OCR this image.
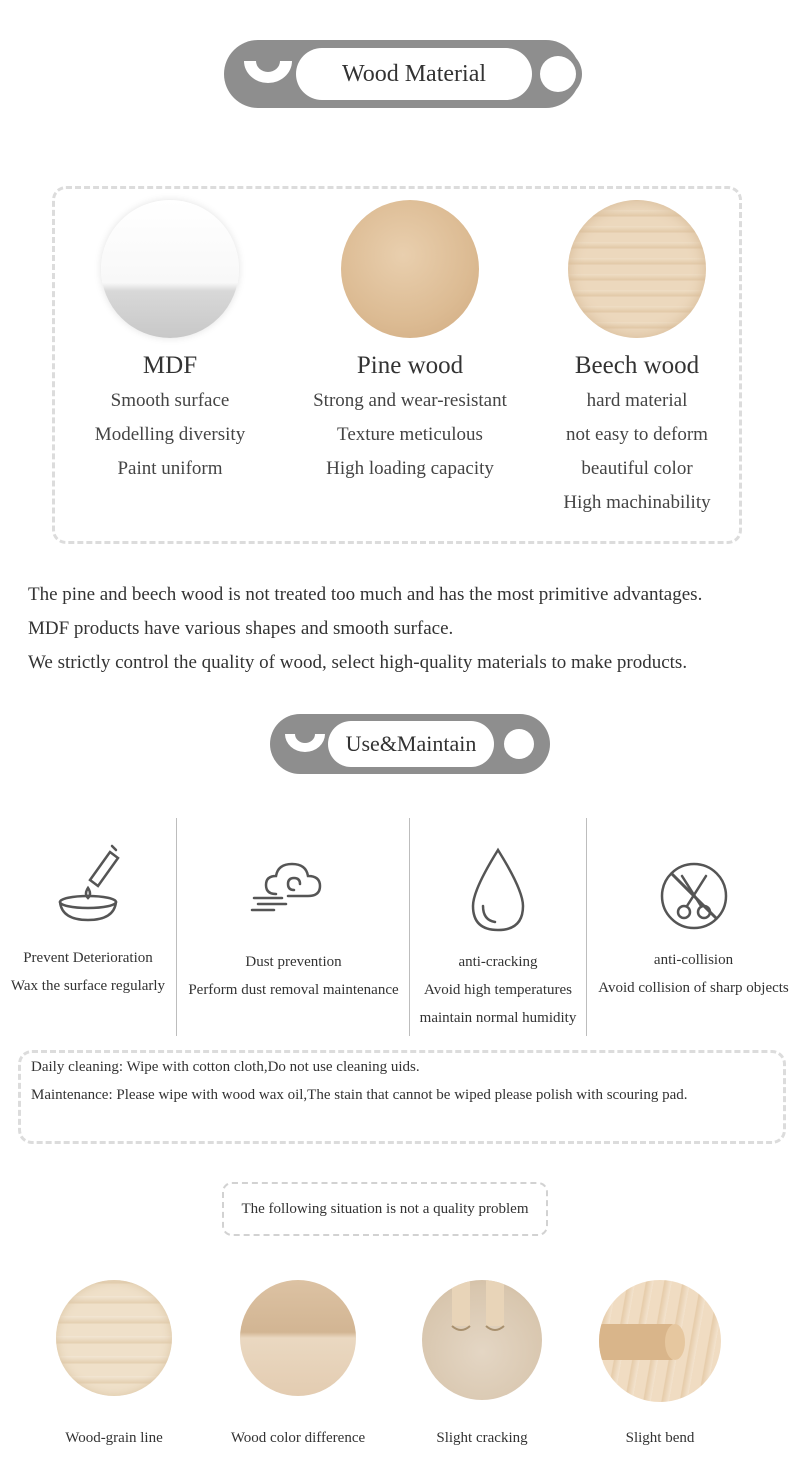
Wood Material
MDF
Smooth surface
Modelling diversity
Paint uniform
Pine wood
Strong and wear-resistant
Texture meticulous
High loading capacity
Beech wood
hard material
not easy to deform
beautiful color
High machinability
The pine and beech wood is not treated too much and has the most primitive advantages.
MDF products have various shapes and smooth surface.
We strictly control the quality of wood, select high-quality materials to make products.
Use&Maintain
Prevent Deterioration
Wax the surface regularly
Dust prevention
Perform dust removal maintenance
anti-cracking
Avoid high temperatures
maintain normal humidity
anti-collision
Avoid collision of sharp objects
Daily cleaning: Wipe with cotton cloth,Do not use cleaning uids.
Maintenance: Please wipe with wood wax oil,The stain that cannot be wiped please polish with scouring pad.
The following situation is not a quality problem
Wood-grain line	Wood color difference	Slight cracking	Slight bend
